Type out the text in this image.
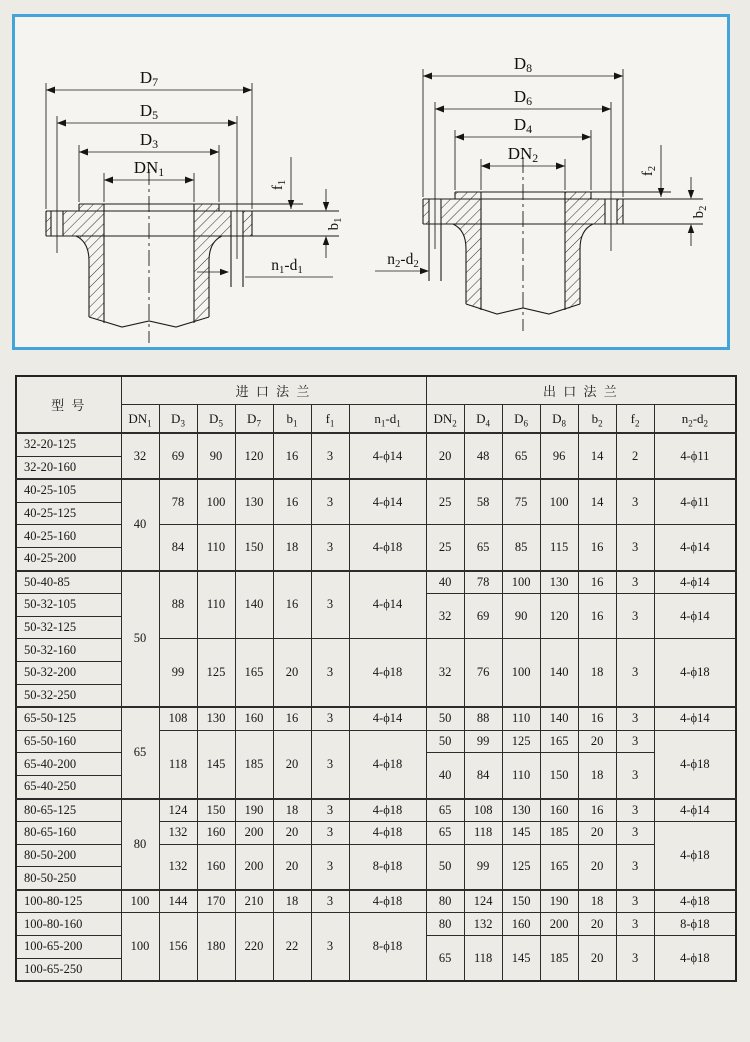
D7
D5
D3
DN1
$f_1$
$b_1$
n1-d1
D8
D6
D4
DN2
$f_2$
$b_2$
n2-d2
型 号	进 口 法 兰							出 口 法 兰						
	$DN_1$	$D_3$	$D_5$	$D_7$	$b_1$	$f_1$	$n_1-d_1$	$DN_2$	$D_4$	$D_6$	$D_8$	$b_2$	$f_2$	$n_2-d_2$
32-20-125	32	69	90	120	16	3	4-ϕ14	20	48	65	96	14	2	4-ϕ11
32-20-160														
40-25-105	40	78	100	130	16	3	4-ϕ14	25	58	75	100	14	3	4-ϕ11
40-25-125														
40-25-160		84	110	150	18	3	4-ϕ18	25	65	85	115	16	3	4-ϕ14
40-25-200														
50-40-85	50	88	110	140	16	3	4-ϕ14	40	78	100	130	16	3	4-ϕ14
50-32-105								32	69	90	120	16	3	4-ϕ14
50-32-125														
50-32-160		99	125	165	20	3	4-ϕ18	32	76	100	140	18	3	4-ϕ18
50-32-200														
50-32-250														
65-50-125	65	108	130	160	16	3	4-ϕ14	50	88	110	140	16	3	4-ϕ14
65-50-160		118	145	185	20	3	4-ϕ18	50	99	125	165	20	3	4-ϕ18
65-40-200								40	84	110	150	18	3	
65-40-250														
80-65-125	80	124	150	190	18	3	4-ϕ18	65	108	130	160	16	3	4-ϕ14
80-65-160		132	160	200	20	3	4-ϕ18	65	118	145	185	20	3	4-ϕ18
80-50-200		132	160	200	20	3	8-ϕ18	50	99	125	165	20	3	
80-50-250														
100-80-125	100	144	170	210	18	3	4-ϕ18	80	124	150	190	18	3	4-ϕ18
100-80-160	100	156	180	220	22	3	8-ϕ18	80	132	160	200	20	3	8-ϕ18
100-65-200								65	118	145	185	20	3	4-ϕ18
100-65-250														
